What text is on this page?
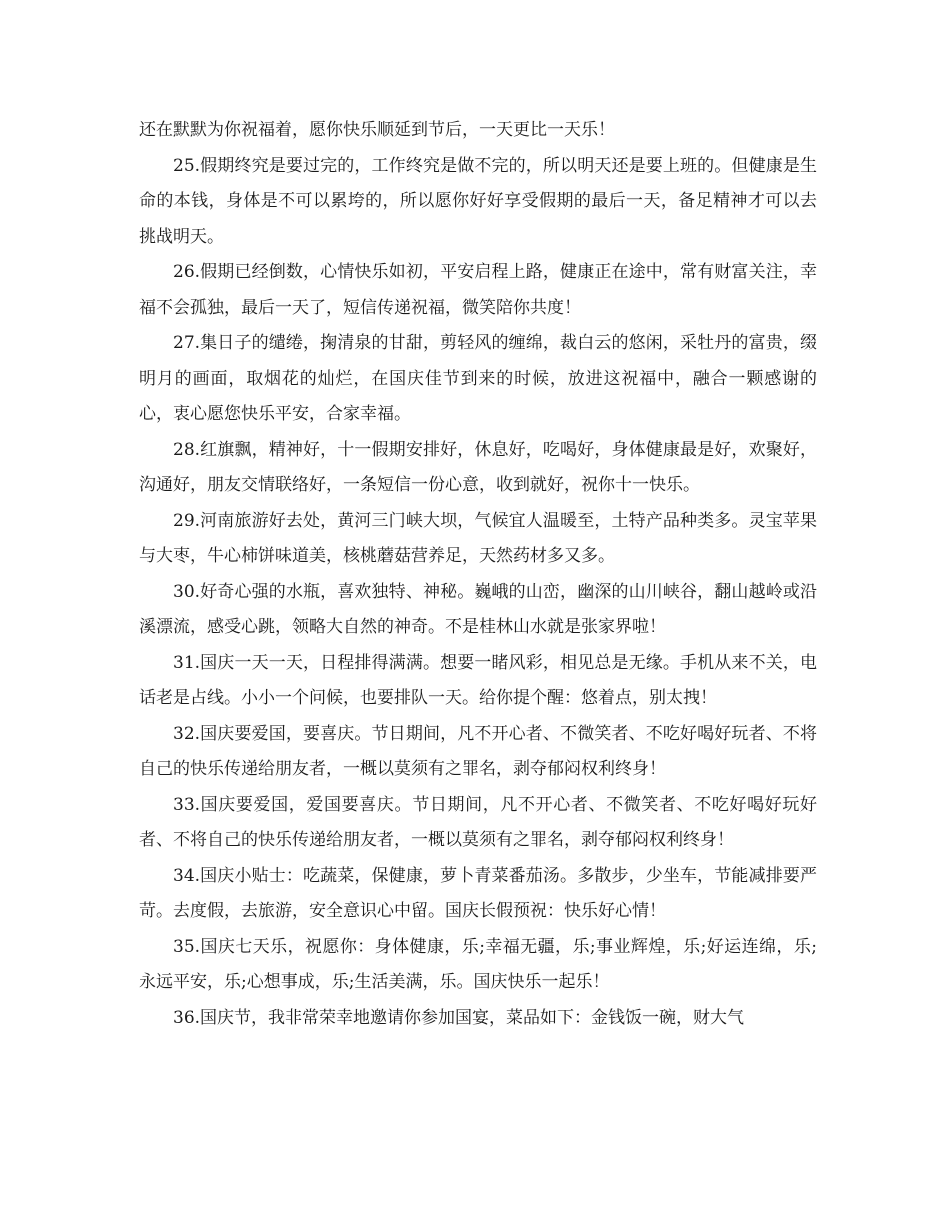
还在默默为你祝福着，愿你快乐顺延到节后，一天更比一天乐！

25.假期终究是要过完的，工作终究是做不完的，所以明天还是要上班的。但健康是生命的本钱，身体是不可以累垮的，所以愿你好好享受假期的最后一天，备足精神才可以去挑战明天。

26.假期已经倒数，心情快乐如初，平安启程上路，健康正在途中，常有财富关注，幸福不会孤独，最后一天了，短信传递祝福，微笑陪你共度！

27.集日子的缱绻，掬清泉的甘甜，剪轻风的缠绵，裁白云的悠闲，采牡丹的富贵，缀明月的画面，取烟花的灿烂，在国庆佳节到来的时候，放进这祝福中，融合一颗感谢的心，衷心愿您快乐平安，合家幸福。

28.红旗飘，精神好，十一假期安排好，休息好，吃喝好，身体健康最是好，欢聚好，沟通好，朋友交情联络好，一条短信一份心意，收到就好，祝你十一快乐。

29.河南旅游好去处，黄河三门峡大坝，气候宜人温暖至，土特产品种类多。灵宝苹果与大枣，牛心柿饼味道美，核桃蘑菇营养足，天然药材多又多。

30.好奇心强的水瓶，喜欢独特、神秘。巍峨的山峦，幽深的山川峡谷，翻山越岭或沿溪漂流，感受心跳，领略大自然的神奇。不是桂林山水就是张家界啦！

31.国庆一天一天，日程排得满满。想要一睹风彩，相见总是无缘。手机从来不关，电话老是占线。小小一个问候，也要排队一天。给你提个醒：悠着点，别太拽！

32.国庆要爱国，要喜庆。节日期间，凡不开心者、不微笑者、不吃好喝好玩者、不将自己的快乐传递给朋友者，一概以莫须有之罪名，剥夺郁闷权利终身！

33.国庆要爱国，爱国要喜庆。节日期间，凡不开心者、不微笑者、不吃好喝好玩好者、不将自己的快乐传递给朋友者，一概以莫须有之罪名，剥夺郁闷权利终身！

34.国庆小贴士：吃蔬菜，保健康，萝卜青菜番茄汤。多散步，少坐车，节能减排要严苛。去度假，去旅游，安全意识心中留。国庆长假预祝：快乐好心情！

35.国庆七天乐，祝愿你：身体健康，乐;幸福无疆，乐;事业辉煌，乐;好运连绵，乐;永远平安，乐;心想事成，乐;生活美满，乐。国庆快乐一起乐！

36.国庆节，我非常荣幸地邀请你参加国宴，菜品如下：金钱饭一碗，财大气
